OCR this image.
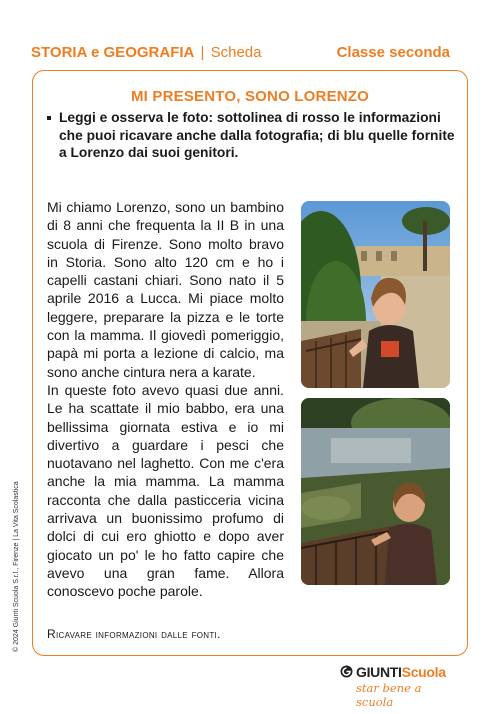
STORIA e GEOGRAFIA | Scheda	Classe seconda
MI PRESENTO, SONO LORENZO
Leggi e osserva le foto: sottolinea di rosso le informazioni che puoi ricavare anche dalla fotografia; di blu quelle fornite a Lorenzo dai suoi genitori.

Mi chiamo Lorenzo, sono un bambino di 8 anni che frequenta la II B in una scuola di Firenze. Sono molto bravo in Storia. Sono alto 120 cm e ho i capelli castani chiari. Sono nato il 5 aprile 2016 a Lucca. Mi piace molto leggere, preparare la pizza e le torte con la mamma. Il giovedì pomeriggio, papà mi porta a lezione di calcio, ma sono anche cintura nera a karate.

In queste foto avevo quasi due anni. Le ha scattate il mio babbo, era una bellissima giornata estiva e io mi divertivo a guardare i pesci che nuotavano nel laghetto. Con me c'era anche la mia mamma. La mamma racconta che dalla pasticceria vicina arrivava un buonissimo profumo di dolci di cui ero ghiotto e dopo aver giocato un po' le ho fatto capire che avevo una gran fame. Allora conoscevo poche parole.

Ricavare informazioni dalle fonti.
© 2024 Giunti Scuola S.r.l., Firenze | La Vita Scolastica
GIUNTIScuola
star bene a scuola
